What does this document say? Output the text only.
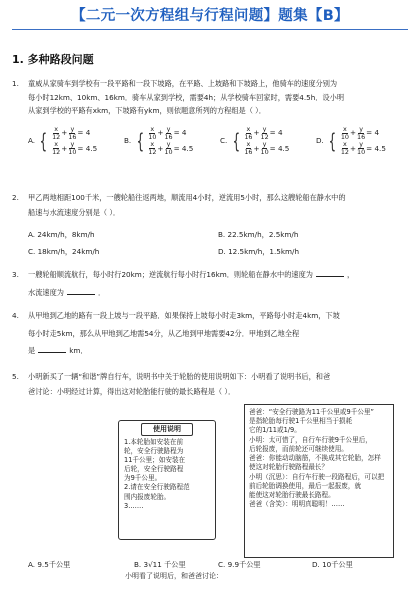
【二元一次方程组与行程问题】题集【B】
1. 多种路段问题
1.	童威从家骑车到学校有一段平路和一段下坡路，在平路、上坡路和下坡路上，他骑车的速度分别为
每小时12km、10km、16km．骑车从家到学校，需要4h；从学校骑车回家时，需要4.5h．设小明
从家到学校的平路有xkm，下坡路有ykm，则依题意所列的方程组是（ ）．
A. { $\frac{x}{12} + \frac{y}{16} = 4$
$\frac{x}{12} + \frac{y}{10} = 4.5$
B. { $\frac{x}{10} + \frac{y}{16} = 4$
$\frac{x}{12} + \frac{y}{10} = 4.5$
C. { $\frac{x}{16} + \frac{y}{12} = 4$
$\frac{x}{16} + \frac{y}{10} = 4.5$
D. { $\frac{x}{10} + \frac{y}{16} = 4$
$\frac{x}{12} + \frac{y}{10} = 4.5$
2.	甲乙两地相距100千米，一艘轮船往返两地，顺流用4小时，逆流用5小时，那么这艘轮船在静水中的
船速与水流速度分别是（ ）．
A. 24km/h，8km/h	B. 22.5km/h，2.5km/h
C. 18km/h，24km/h	D. 12.5km/h，1.5km/h
3.	一艘轮船顺流航行，每小时行20km；逆流航行每小时行16km．则轮船在静水中的速度为	，
水流速度为	．
4.	从甲地到乙地的路有一段上坡与一段平路．如果保持上坡每小时走3km，平路每小时走4km，下坡
每小时走5km，那么从甲地到乙地需54分，从乙地到甲地需要42分．甲地到乙地全程
是	km．
5.	小明新买了一辆“和谐”牌自行车，说明书中关于轮胎的使用说明如下：小明看了说明书后，和爸
爸讨论：小明经过计算，得出这对轮胎能行驶的最长路程是（ ）．
使用说明
1.本轮胎如安装在前
轮，安全行驶路程为
11千公里；如安装在
后轮，安全行驶路程
为9千公里。
2.请在安全行驶路程范
围内报废轮胎。
3.……
爸爸：“安全行驶路为11千公里或9千公里”
是指轮胎每行驶1千公里相当于损耗
它的1/11或1/9。
小明：太可惜了，自行车行驶9千公里后，
后轮报废，而前轮还可继续使用。
爸爸：你能动动脑筋，不换成其它轮胎，怎样
使这对轮胎行驶路程最长？
小明（沉思）：自行车行驶一段路程后，可以把
前后轮胎调换使用，最后一起报废，就
能使这对轮胎行驶最长路程。
爸爸（含笑）：明明真聪明！……
小明看了说明后，和爸爸讨论：
A. 9.5千公里	B. 3√11 千公里	C. 9.9千公里	D. 10千公里
